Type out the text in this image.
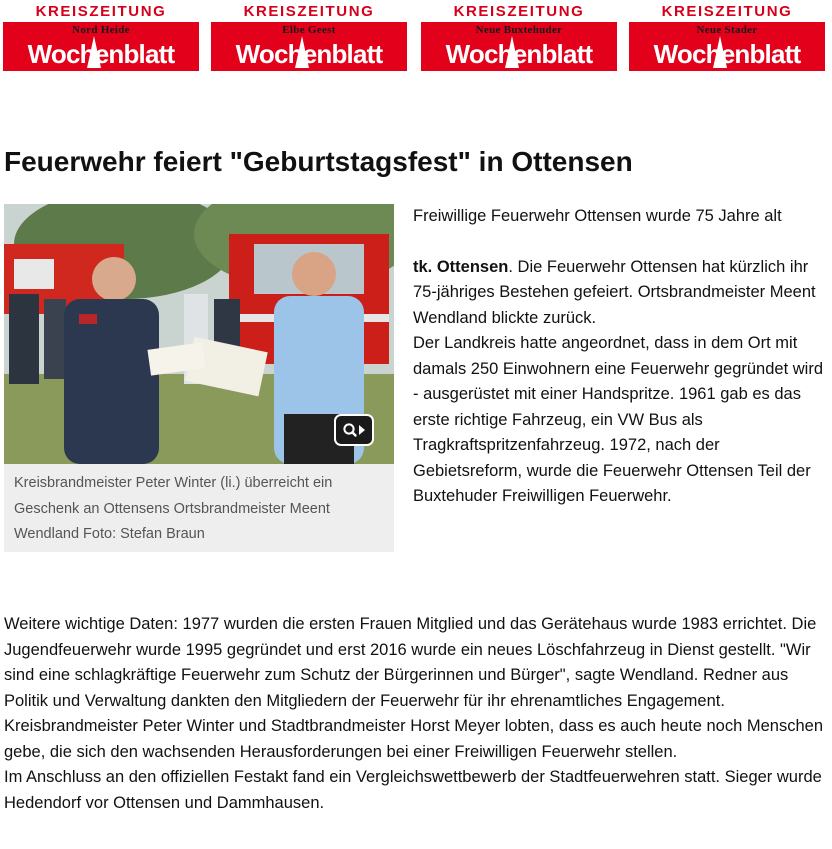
KREISZEITUNG
Nord Heide
Wochenblatt
KREISZEITUNG
Elbe Geest
Wochenblatt
KREISZEITUNG
Neue Buxtehuder
Wochenblatt
KREISZEITUNG
Neue Stader
Wochenblatt
Feuerwehr feiert "Geburtstagsfest" in Ottensen
Kreisbrandmeister Peter Winter (li.) überreicht ein Geschenk an Ottensens Ortsbrandmeister Meent Wendland Foto: Stefan Braun

Freiwillige Feuerwehr Ottensen wurde 75 Jahre alt

tk. Ottensen. Die Feuerwehr Ottensen hat kürzlich ihr 75-jähriges Bestehen gefeiert. Ortsbrandmeister Meent Wendland blickte zurück.

Der Landkreis hatte angeordnet, dass in dem Ort mit damals 250 Einwohnern eine Feuerwehr gegründet wird - ausgerüstet mit einer Handspritze. 1961 gab es das erste richtige Fahrzeug, ein VW Bus als Tragkraftspritzenfahrzeug. 1972, nach der Gebietsreform, wurde die Feuerwehr Ottensen Teil der Buxtehuder Freiwilligen Feuerwehr.

Weitere wichtige Daten: 1977 wurden die ersten Frauen Mitglied und das Gerätehaus wurde 1983 errichtet. Die Jugendfeuerwehr wurde 1995 gegründet und erst 2016 wurde ein neues Löschfahrzeug in Dienst gestellt. "Wir sind eine schlagkräftige Feuerwehr zum Schutz der Bürgerinnen und Bürger", sagte Wendland. Redner aus Politik und Verwaltung dankten den Mitgliedern der Feuerwehr für ihr ehrenamtliches Engagement. Kreisbrandmeister Peter Winter und Stadtbrandmeister Horst Meyer lobten, dass es auch heute noch Menschen gebe, die sich den wachsenden Herausforderungen bei einer Freiwilligen Feuerwehr stellen.

Im Anschluss an den offiziellen Festakt fand ein Vergleichswettbewerb der Stadtfeuerwehren statt. Sieger wurde Hedendorf vor Ottensen und Dammhausen.
